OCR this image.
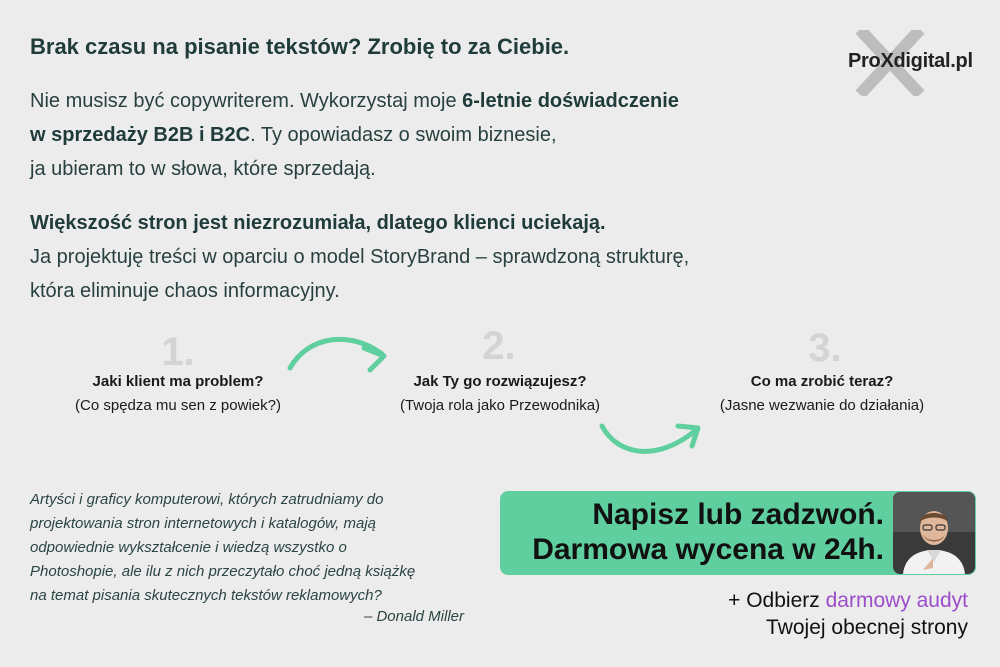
Brak czasu na pisanie tekstów? Zrobię to za Ciebie.
ProXdigital.pl
Nie musisz być copywriterem. Wykorzystaj moje 6-letnie doświadczenie
w sprzedaży B2B i B2C. Ty opowiadasz o swoim biznesie,
ja ubieram to w słowa, które sprzedają.
Większość stron jest niezrozumiała, dlatego klienci uciekają.
Ja projektuję treści w oparciu o model StoryBrand – sprawdzoną strukturę,
która eliminuje chaos informacyjny.
1.	2.	3.
Jaki klient ma problem?
(Co spędza mu sen z powiek?)
Jak Ty go rozwiązujesz?
(Twoja rola jako Przewodnika)
Co ma zrobić teraz?
(Jasne wezwanie do działania)
Artyści i graficy komputerowi, których zatrudniamy do
projektowania stron internetowych i katalogów, mają
odpowiednie wykształcenie i wiedzą wszystko o
Photoshopie, ale ilu z nich przeczytało choć jedną książkę
na temat pisania skutecznych tekstów reklamowych?
– Donald Miller
Napisz lub zadzwoń.
Darmowa wycena w 24h.
+ Odbierz darmowy audyt
Twojej obecnej strony
